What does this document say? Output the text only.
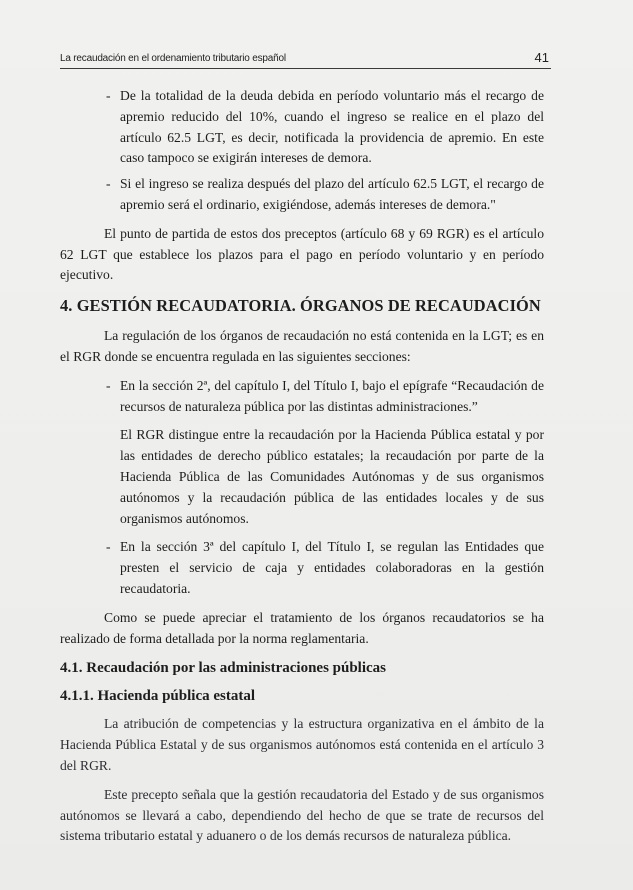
La recaudación en el ordenamiento tributario español	41
- De la totalidad de la deuda debida en período voluntario más el recargo de apremio reducido del 10%, cuando el ingreso se realice en el plazo del artículo 62.5 LGT, es decir, notificada la providencia de apremio. En este caso tampoco se exigirán intereses de demora.
- Si el ingreso se realiza después del plazo del artículo 62.5 LGT, el recargo de apremio será el ordinario, exigiéndose, además intereses de demora."

El punto de partida de estos dos preceptos (artículo 68 y 69 RGR) es el artículo 62 LGT que establece los plazos para el pago en período voluntario y en período ejecutivo.

4. GESTIÓN RECAUDATORIA. ÓRGANOS DE RECAUDACIÓN

La regulación de los órganos de recaudación no está contenida en la LGT; es en el RGR donde se encuentra regulada en las siguientes secciones:

- En la sección 2ª, del capítulo I, del Título I, bajo el epígrafe “Recaudación de recursos de naturaleza pública por las distintas administraciones.”
El RGR distingue entre la recaudación por la Hacienda Pública estatal y por las entidades de derecho público estatales; la recaudación por parte de la Hacienda Pública de las Comunidades Autónomas y de sus organismos autónomos y la recaudación pública de las entidades locales y de sus organismos autónomos.
- En la sección 3ª del capítulo I, del Título I, se regulan las Entidades que presten el servicio de caja y entidades colaboradoras en la gestión recaudatoria.

Como se puede apreciar el tratamiento de los órganos recaudatorios se ha realizado de forma detallada por la norma reglamentaria.

4.1. Recaudación por las administraciones públicas
4.1.1. Hacienda pública estatal

La atribución de competencias y la estructura organizativa en el ámbito de la Hacienda Pública Estatal y de sus organismos autónomos está contenida en el artículo 3 del RGR.

Este precepto señala que la gestión recaudatoria del Estado y de sus organismos autónomos se llevará a cabo, dependiendo del hecho de que se trate de recursos del sistema tributario estatal y aduanero o de los demás recursos de naturaleza pública.
